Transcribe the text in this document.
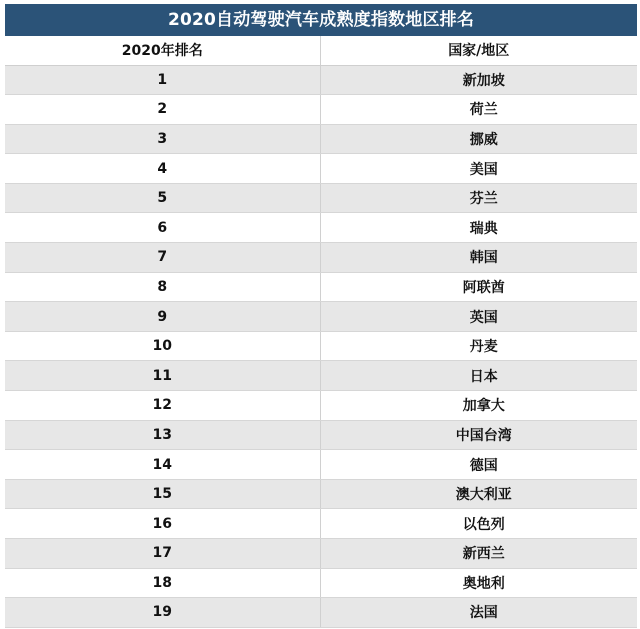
2020自动驾驶汽车成熟度指数地区排名
2020年排名	国家/地区
1	新加坡
2	荷兰
3	挪威
4	美国
5	芬兰
6	瑞典
7	韩国
8	阿联酋
9	英国
10	丹麦
11	日本
12	加拿大
13	中国台湾
14	德国
15	澳大利亚
16	以色列
17	新西兰
18	奥地利
19	法国
